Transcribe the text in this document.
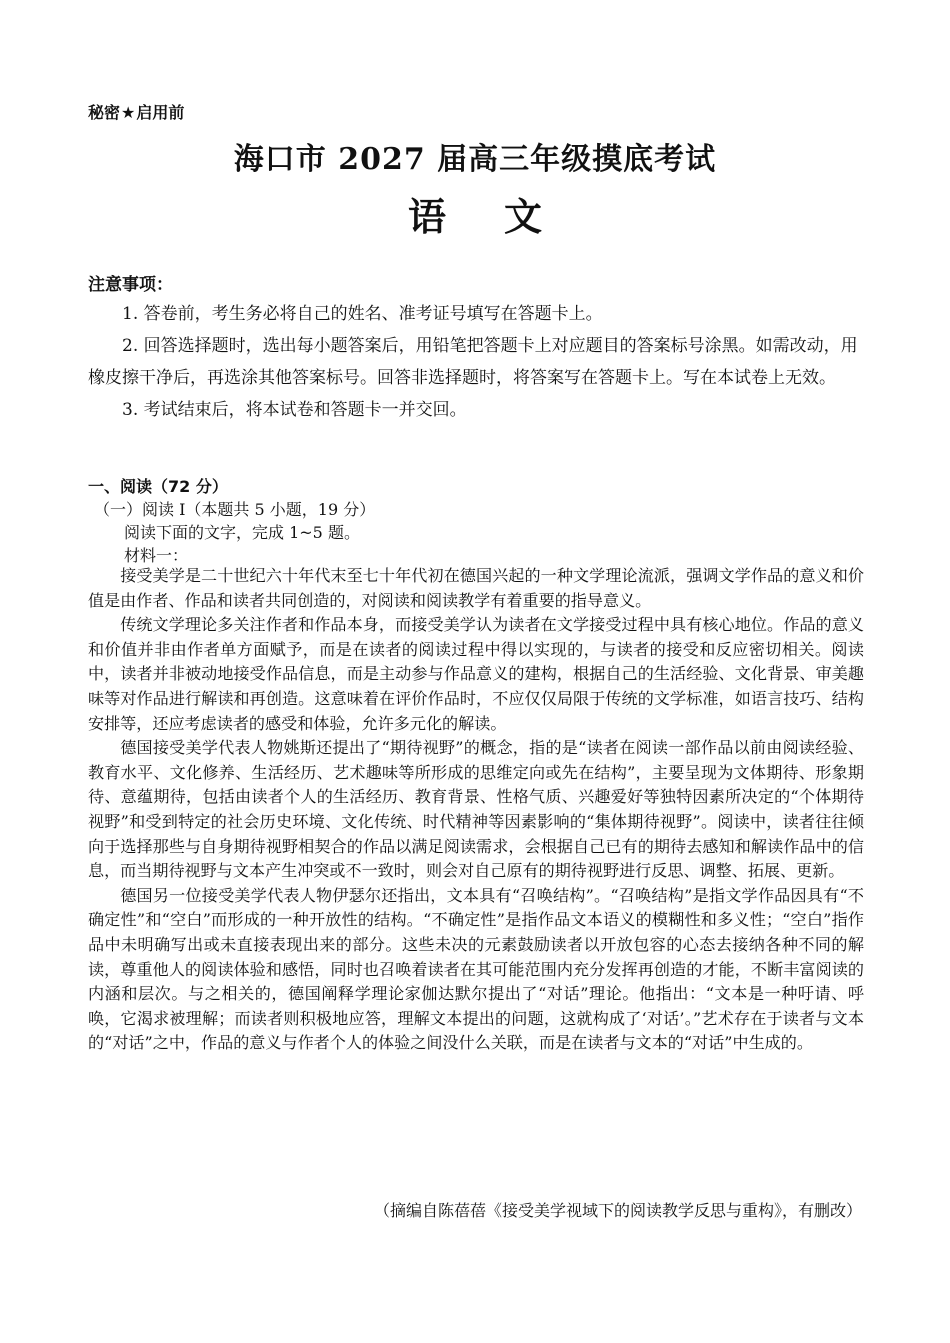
秘密★启用前
海口市 2027 届高三年级摸底考试
语 文
注意事项：

1. 答卷前，考生务必将自己的姓名、准考证号填写在答题卡上。

2. 回答选择题时，选出每小题答案后，用铅笔把答题卡上对应题目的答案标号涂黑。如需改动，用橡皮擦干净后，再选涂其他答案标号。回答非选择题时，将答案写在答题卡上。写在本试卷上无效。

3. 考试结束后，将本试卷和答题卡一并交回。

一、阅读（72 分）
（一）阅读 I（本题共 5 小题，19 分）
阅读下面的文字，完成 1~5 题。
材料一：

接受美学是二十世纪六十年代末至七十年代初在德国兴起的一种文学理论流派，强调文学作品的意义和价值是由作者、作品和读者共同创造的，对阅读和阅读教学有着重要的指导意义。

传统文学理论多关注作者和作品本身，而接受美学认为读者在文学接受过程中具有核心地位。作品的意义和价值并非由作者单方面赋予，而是在读者的阅读过程中得以实现的，与读者的接受和反应密切相关。阅读中，读者并非被动地接受作品信息，而是主动参与作品意义的建构，根据自己的生活经验、文化背景、审美趣味等对作品进行解读和再创造。这意味着在评价作品时，不应仅仅局限于传统的文学标准，如语言技巧、结构安排等，还应考虑读者的感受和体验，允许多元化的解读。

德国接受美学代表人物姚斯还提出了“期待视野”的概念，指的是“读者在阅读一部作品以前由阅读经验、教育水平、文化修养、生活经历、艺术趣味等所形成的思维定向或先在结构”，主要呈现为文体期待、形象期待、意蕴期待，包括由读者个人的生活经历、教育背景、性格气质、兴趣爱好等独特因素所决定的“个体期待视野”和受到特定的社会历史环境、文化传统、时代精神等因素影响的“集体期待视野”。阅读中，读者往往倾向于选择那些与自身期待视野相契合的作品以满足阅读需求，会根据自己已有的期待去感知和解读作品中的信息，而当期待视野与文本产生冲突或不一致时，则会对自己原有的期待视野进行反思、调整、拓展、更新。

德国另一位接受美学代表人物伊瑟尔还指出，文本具有“召唤结构”。“召唤结构”是指文学作品因具有“不确定性”和“空白”而形成的一种开放性的结构。“不确定性”是指作品文本语义的模糊性和多义性；“空白”指作品中未明确写出或未直接表现出来的部分。这些未决的元素鼓励读者以开放包容的心态去接纳各种不同的解读，尊重他人的阅读体验和感悟，同时也召唤着读者在其可能范围内充分发挥再创造的才能，不断丰富阅读的内涵和层次。与之相关的，德国阐释学理论家伽达默尔提出了“对话”理论。他指出：“文本是一种吁请、呼唤，它渴求被理解；而读者则积极地应答，理解文本提出的问题，这就构成了‘对话’。”艺术存在于读者与文本的“对话”之中，作品的意义与作者个人的体验之间没什么关联，而是在读者与文本的“对话”中生成的。

（摘编自陈蓓蓓《接受美学视域下的阅读教学反思与重构》，有删改）
